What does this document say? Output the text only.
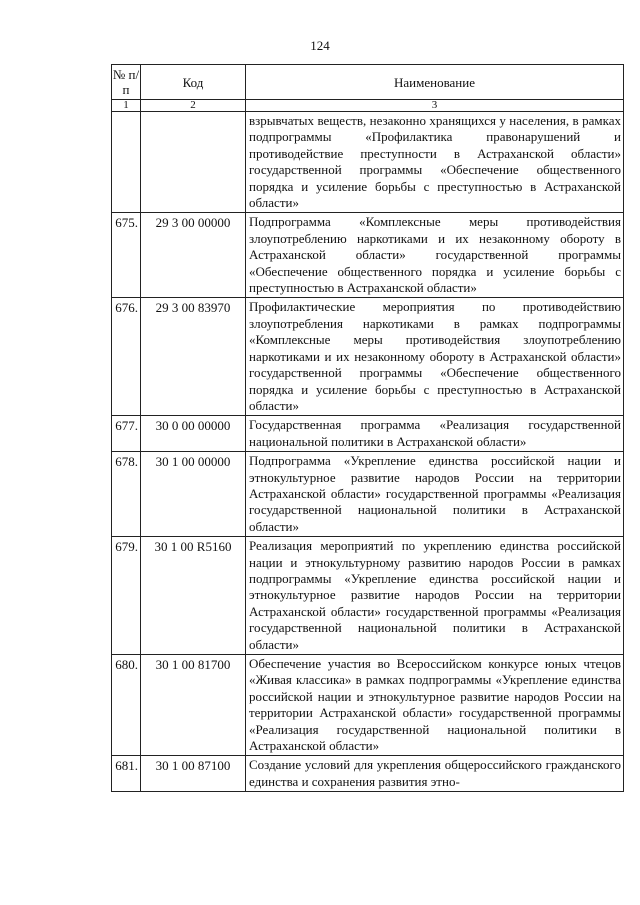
124
№ п/п	Код	Наименование
1	2	3
		взрывчатых веществ, незаконно хранящихся у населения, в рамках подпрограммы «Профилактика правонарушений и противодействие преступности в Астраханской области» государственной программы «Обеспечение общественного порядка и усиление борьбы с преступностью в Астраханской области»
675.	29 3 00 00000	Подпрограмма «Комплексные меры противодействия злоупотреблению наркотиками и их незаконному обороту в Астраханской области» государственной программы «Обеспечение общественного порядка и усиление борьбы с преступностью в Астраханской области»
676.	29 3 00 83970	Профилактические мероприятия по противодействию злоупотребления наркотиками в рамках подпрограммы «Комплексные меры противодействия злоупотреблению наркотиками и их незаконному обороту в Астраханской области» государственной программы «Обеспечение общественного порядка и усиление борьбы с преступностью в Астраханской области»
677.	30 0 00 00000	Государственная программа «Реализация государственной национальной политики в Астраханской области»
678.	30 1 00 00000	Подпрограмма «Укрепление единства российской нации и этнокультурное развитие народов России на территории Астраханской области» государственной программы «Реализация государственной национальной политики в Астраханской области»
679.	30 1 00 R5160	Реализация мероприятий по укреплению единства российской нации и этнокультурному развитию народов России в рамках подпрограммы «Укрепление единства российской нации и этнокультурное развитие народов России на территории Астраханской области» государственной программы «Реализация государственной национальной политики в Астраханской области»
680.	30 1 00 81700	Обеспечение участия во Всероссийском конкурсе юных чтецов «Живая классика» в рамках подпрограммы «Укрепление единства российской нации и этнокультурное развитие народов России на территории Астраханской области» государственной программы «Реализация государственной национальной политики в Астраханской области»
681.	30 1 00 87100	Создание условий для укрепления общероссийского гражданского единства и сохранения развития этно-
